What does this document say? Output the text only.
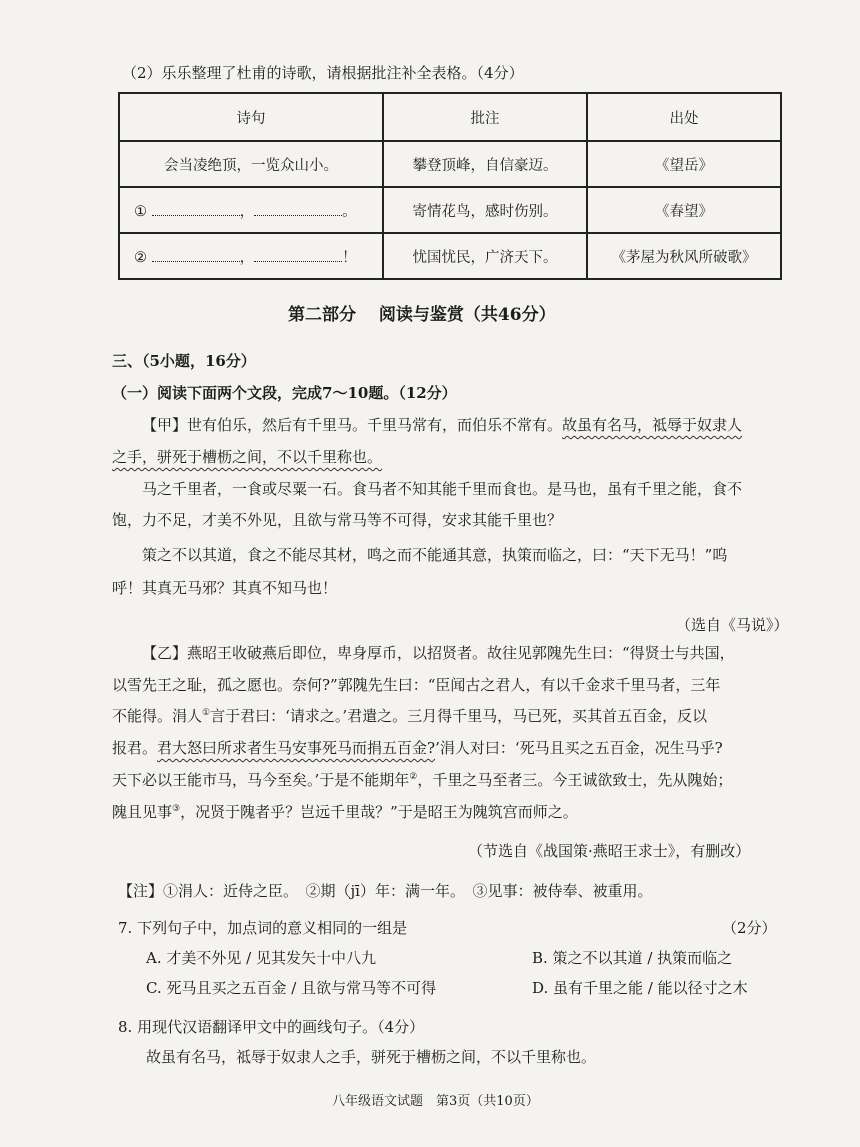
（2）乐乐整理了杜甫的诗歌，请根据批注补全表格。（4分）
诗句	批注	出处
会当凌绝顶，一览众山小。	攀登顶峰，自信豪迈。	《望岳》
① ， 。	寄情花鸟，感时伤别。	《春望》
② ， ！	忧国忧民，广济天下。	《茅屋为秋风所破歌》
第二部分　 阅读与鉴赏（共46分）
三、（5小题，16分）
（一）阅读下面两个文段，完成7～10题。（12分）
【甲】世有伯乐，然后有千里马。千里马常有，而伯乐不常有。故虽有名马，祗辱于奴隶人
之手，骈死于槽枥之间，不以千里称也。
马之千里者，一食或尽粟一石。食马者不知其能千里而食也。是马也，虽有千里之能，食不
饱，力不足，才美不外见，且欲与常马等不可得，安求其能千里也？
策之不以其道，食之不能尽其材，鸣之而不能通其意，执策而临之，曰：“天下无马！”呜
呼！其真无马邪？其真不知马也！
（选自《马说》）
【乙】燕昭王收破燕后即位，卑身厚币，以招贤者。故往见郭隗先生曰：“得贤士与共国，
以雪先王之耻，孤之愿也。奈何?”郭隗先生曰：“臣闻古之君人，有以千金求千里马者，三年
不能得。涓人①言于君曰：‘请求之。’君遣之。三月得千里马，马已死，买其首五百金，反以
报君。君大怒曰所求者生马安事死马而捐五百金?’涓人对曰：‘死马且买之五百金，况生马乎?
天下必以王能市马，马今至矣。’于是不能期年②，千里之马至者三。今王诚欲致士，先从隗始；
隗且见事③，况贤于隗者乎？岂远千里哉？”于是昭王为隗筑宫而师之。
（节选自《战国策·燕昭王求士》，有删改）
【注】①涓人：近侍之臣。　②期（jī）年：满一年。　③见事：被侍奉、被重用。
7. 下列句子中，加点词的意义相同的一组是	（2分）
A. 才美不外见 / 见其发矢十中八九	B. 策之不以其道 / 执策而临之
C. 死马且买之五百金 / 且欲与常马等不可得	D. 虽有千里之能 / 能以径寸之木
8. 用现代汉语翻译甲文中的画线句子。（4分）
故虽有名马，祗辱于奴隶人之手，骈死于槽枥之间，不以千里称也。
八年级语文试题　第3页（共10页）
